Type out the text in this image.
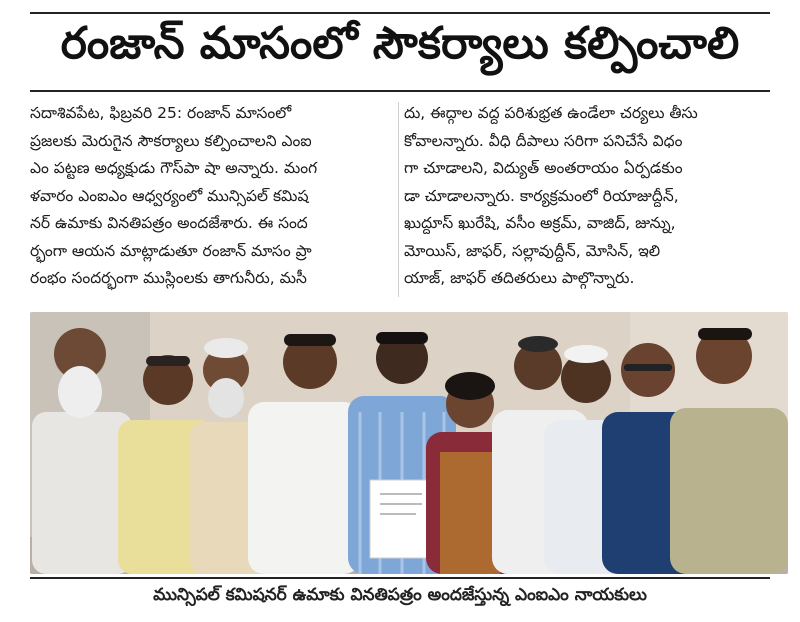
రంజాన్ మాసంలో సౌకర్యాలు కల్పించాలి

సదాశివపేట, ఫిబ్రవరి 25: రంజాన్ మాసంలో

ప్రజలకు మెరుగైన సౌకర్యాలు కల్పించాలని ఎంఐ

ఎం పట్టణ అధ్యక్షుడు గౌస్‌పా షా అన్నారు. మంగ

ళవారం ఎంఐఎం ఆధ్వర్యంలో మున్సిపల్ కమిష

నర్ ఉమాకు వినతిపత్రం అందజేశారు. ఈ సంద

ర్భంగా ఆయన మాట్లాడుతూ రంజాన్ మాసం ప్రా

రంభం సందర్భంగా ముస్లింలకు తాగునీరు, మసీ

దు, ఈద్గాల వద్ద పరిశుభ్రత ఉండేలా చర్యలు తీసు

కోవాలన్నారు. వీధి దీపాలు సరిగా పనిచేసే విధం

గా చూడాలని, విద్యుత్ అంతరాయం ఏర్పడకుం

డా చూడాలన్నారు. కార్యక్రమంలో రియాజుద్దీన్,

ఖుద్దూస్ ఖురేషి, వసీం అక్రమ్, వాజిద్, జున్ను,

మోయిస్, జాఫర్, సల్లావుద్దీన్, మోసిన్, ఇలి

యాజ్, జాఫర్ తదితరులు పాల్గొన్నారు.

మున్సిపల్ కమిషనర్ ఉమాకు వినతిపత్రం అందజేస్తున్న ఎంఐఎం నాయకులు
